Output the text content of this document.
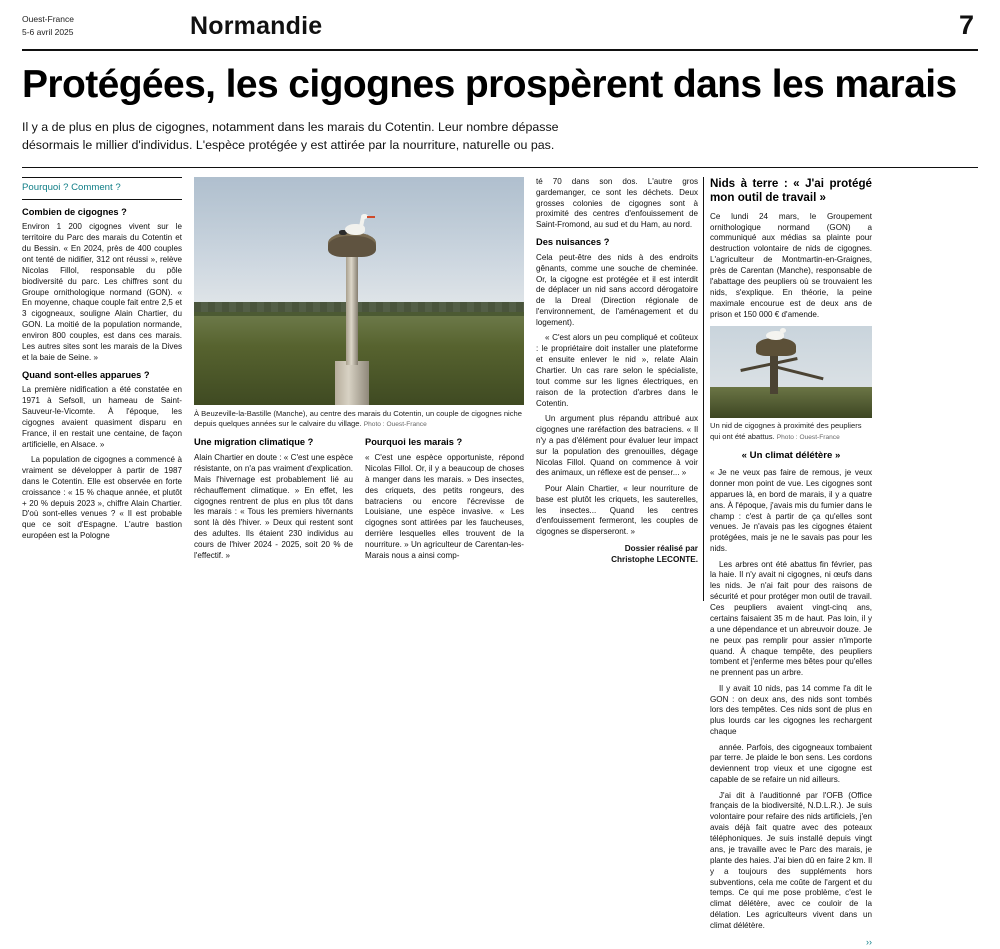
Ouest-France
5-6 avril 2025	Normandie	7
Protégées, les cigognes prospèrent dans les marais
Il y a de plus en plus de cigognes, notamment dans les marais du Cotentin. Leur nombre dépasse désormais le millier d'individus. L'espèce protégée y est attirée par la nourriture, naturelle ou pas.
Pourquoi ? Comment ?
Combien de cigognes ?

Environ 1 200 cigognes vivent sur le territoire du Parc des marais du Cotentin et du Bessin. « En 2024, près de 400 couples ont tenté de nidifier, 312 ont réussi », relève Nicolas Fillol, responsable du pôle biodiversité du parc. Les chiffres sont du Groupe ornithologique normand (GON). « En moyenne, chaque couple fait entre 2,5 et 3 cigogneaux, souligne Alain Chartier, du GON. La moitié de la population normande, environ 800 couples, est dans ces marais. Les autres sites sont les marais de la Dives et la baie de Seine. »

Quand sont-elles apparues ?

La première nidification a été constatée en 1971 à Sefsoll, un hameau de Saint-Sauveur-le-Vicomte. À l'époque, les cigognes avaient quasiment disparu en France, il en restait une centaine, de façon artificielle, en Alsace. »

La population de cigognes a commencé à vraiment se développer à partir de 1987 dans le Cotentin. Elle est observée en forte croissance : « 15 % chaque année, et plutôt + 20 % depuis 2023 », chiffre Alain Chartier. D'où sont-elles venues ? « Il est probable que ce soit d'Espagne. L'autre bastion européen est la Pologne

À Beuzeville-la-Bastille (Manche), au centre des marais du Cotentin, un couple de cigognes niche depuis quelques années sur le calvaire du village. Photo : Ouest-France
Une migration climatique ?

Alain Chartier en doute : « C'est une espèce résistante, on n'a pas vraiment d'explication. Mais l'hivernage est probablement lié au réchauffement climatique. » En effet, les cigognes rentrent de plus en plus tôt dans les marais : « Tous les premiers hivernants sont là dès l'hiver. » Deux qui restent sont des adultes. Ils étaient 230 individus au cours de l'hiver 2024 - 2025, soit 20 % de l'effectif. »

Pourquoi les marais ?

« C'est une espèce opportuniste, répond Nicolas Fillol. Or, il y a beaucoup de choses à manger dans les marais. » Des insectes, des criquets, des petits rongeurs, des batraciens ou encore l'écrevisse de Louisiane, une espèce invasive. « Les cigognes sont attirées par les faucheuses, derrière lesquelles elles trouvent de la nourriture. » Un agriculteur de Carentan-les-Marais nous a ainsi comp-

té 70 dans son dos. L'autre gros gardemanger, ce sont les déchets. Deux grosses colonies de cigognes sont à proximité des centres d'enfouissement de Saint-Fromond, au sud et du Ham, au nord.

Des nuisances ?

Cela peut-être des nids à des endroits gênants, comme une souche de cheminée. Or, la cigogne est protégée et il est interdit de déplacer un nid sans accord dérogatoire de la Dreal (Direction régionale de l'environnement, de l'aménagement et du logement).

« C'est alors un peu compliqué et coûteux : le propriétaire doit installer une plateforme et ensuite enlever le nid », relate Alain Chartier. Un cas rare selon le spécialiste, tout comme sur les lignes électriques, en raison de la protection d'arbres dans le Cotentin.

Un argument plus répandu attribué aux cigognes une raréfaction des batraciens. « Il n'y a pas d'élément pour évaluer leur impact sur la population des grenouilles, dégage Nicolas Fillol. Quand on commence à voir des animaux, un réflexe est de penser... »

Pour Alain Chartier, « leur nourriture de base est plutôt les criquets, les sauterelles, les insectes... Quand les centres d'enfouissement fermeront, les couples de cigognes se disperseront. »

Dossier réalisé par
Christophe LECONTE.
Nids à terre : « J'ai protégé mon outil de travail »

Ce lundi 24 mars, le Groupement ornithologique normand (GON) a communiqué aux médias sa plainte pour destruction volontaire de nids de cigognes. L'agriculteur de Montmartin-en-Graignes, près de Carentan (Manche), responsable de l'abattage des peupliers où se trouvaient les nids, s'explique. En théorie, la peine maximale encourue est de deux ans de prison et 150 000 € d'amende.

Un nid de cigognes à proximité des peupliers qui ont été abattus. Photo : Ouest-France
« Un climat délétère »

« Je ne veux pas faire de remous, je veux donner mon point de vue. Les cigognes sont apparues là, en bord de marais, il y a quatre ans. À l'époque, j'avais mis du fumier dans le champ : c'est à partir de ça qu'elles sont venues. Je n'avais pas les cigognes étaient protégées, mais je ne le savais pas pour les nids.

Les arbres ont été abattus fin février, pas la haie. Il n'y avait ni cigognes, ni œufs dans les nids. Je n'ai fait pour des raisons de sécurité et pour protéger mon outil de travail. Ces peupliers avaient vingt-cinq ans, certains faisaient 35 m de haut. Pas loin, il y a une dépendance et un abreuvoir douze. Je ne peux pas remplir pour assier n'importe quand. À chaque tempête, des peupliers tombent et j'enferme mes bêtes pour qu'elles ne prennent pas un arbre.

Il y avait 10 nids, pas 14 comme l'a dit le GON : on deux ans, des nids sont tombés lors des tempêtes. Ces nids sont de plus en plus lourds car les cigognes les rechargent chaque

année. Parfois, des cigogneaux tombaient par terre. Je plaide le bon sens. Les cordons deviennent trop vieux et une cigogne est capable de se refaire un nid ailleurs.

J'ai dit à l'auditionné par l'OFB (Office français de la biodiversité, N.D.L.R.). Je suis volontaire pour refaire des nids artificiels, j'en avais déjà fait quatre avec des poteaux téléphoniques. Je suis installé depuis vingt ans, je travaille avec le Parc des marais, je plante des haies. J'ai bien dû en faire 2 km. Il y a toujours des suppléments hors subventions, cela me coûte de l'argent et du temps. Ce qui me pose problème, c'est le climat délétère, avec ce couloir de la délation. Les agriculteurs vivent dans un climat délétère.

››
